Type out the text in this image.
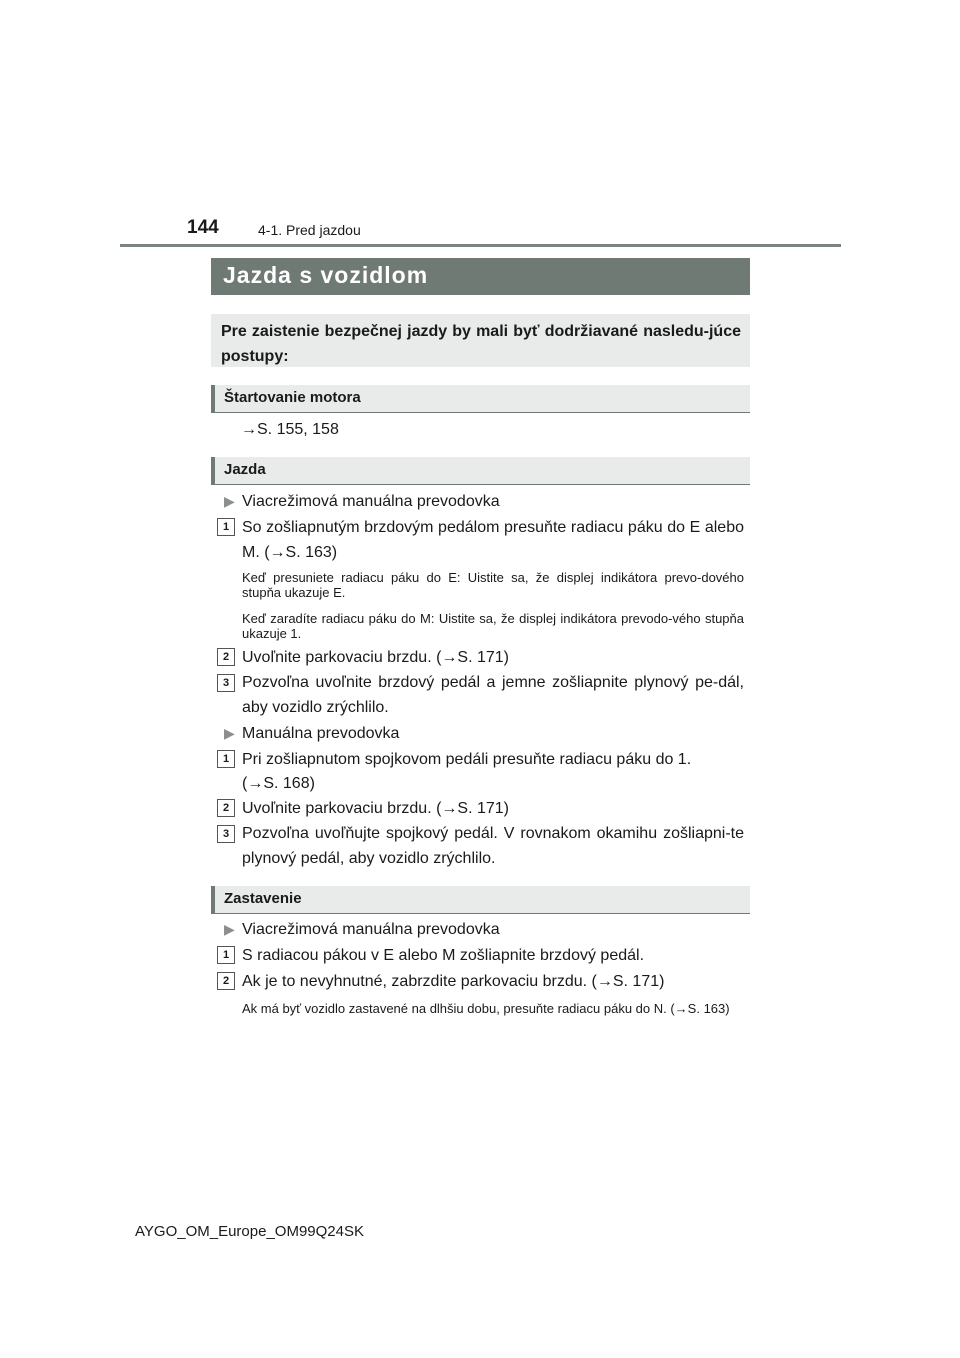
144	4-1. Pred jazdou
Jazda s vozidlom
Pre zaistenie bezpečnej jazdy by mali byť dodržiavané nasledu-júce postupy:
Štartovanie motora
→S. 155, 158
Jazda
▶ Viacrežimová manuálna prevodovka
1 So zošliapnutým brzdovým pedálom presuňte radiacu páku do E alebo M. (→S. 163)
Keď presuniete radiacu páku do E: Uistite sa, že displej indikátora prevo-dového stupňa ukazuje E.
Keď zaradíte radiacu páku do M: Uistite sa, že displej indikátora prevodo-vého stupňa ukazuje 1.
2 Uvoľnite parkovaciu brzdu. (→S. 171)
3 Pozvoľna uvoľnite brzdový pedál a jemne zošliapnite plynový pe-dál, aby vozidlo zrýchlilo.
▶ Manuálna prevodovka
1 Pri zošliapnutom spojkovom pedáli presuňte radiacu páku do 1.
(→S. 168)
2 Uvoľnite parkovaciu brzdu. (→S. 171)
3 Pozvoľna uvoľňujte spojkový pedál. V rovnakom okamihu zošliapni-te plynový pedál, aby vozidlo zrýchlilo.
Zastavenie
▶ Viacrežimová manuálna prevodovka
1 S radiacou pákou v E alebo M zošliapnite brzdový pedál.
2 Ak je to nevyhnutné, zabrzdite parkovaciu brzdu. (→S. 171)
Ak má byť vozidlo zastavené na dlhšiu dobu, presuňte radiacu páku do N. (→S. 163)
AYGO_OM_Europe_OM99Q24SK
